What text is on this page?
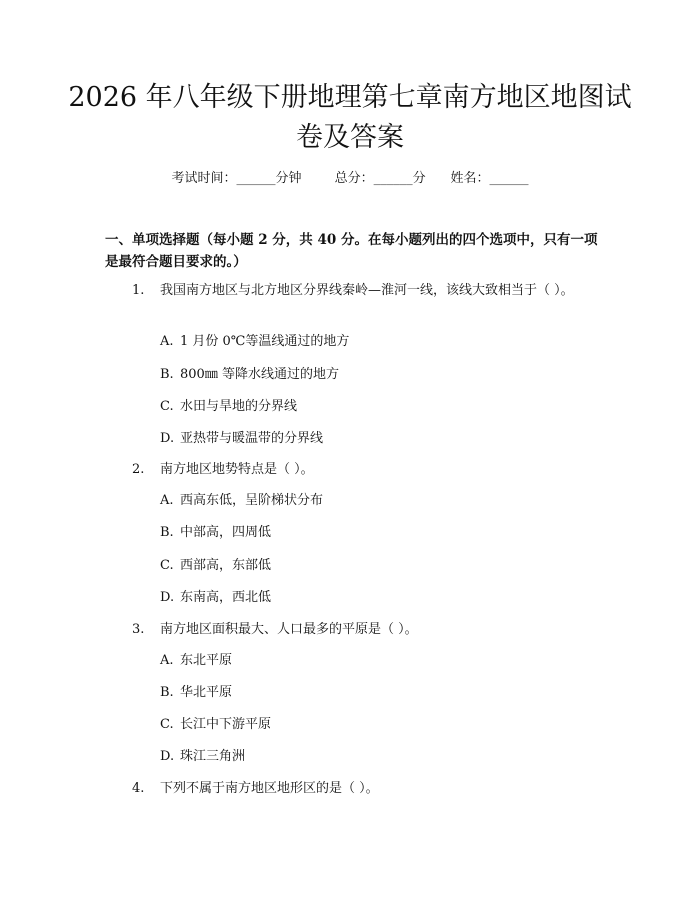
2026 年八年级下册地理第七章南方地区地图试卷及答案
考试时间：______分钟	总分：______分 姓名：______

一、单项选择题（每小题 2 分，共 40 分。在每小题列出的四个选项中，只有一项是最符合题目要求的。）

1. 我国南方地区与北方地区分界线秦岭—淮河一线，该线大致相当于（ ）。

A. 1 月份 0℃等温线通过的地方

B. 800㎜ 等降水线通过的地方

C. 水田与旱地的分界线

D. 亚热带与暖温带的分界线

2. 南方地区地势特点是（ ）。

A. 西高东低，呈阶梯状分布

B. 中部高，四周低

C. 西部高，东部低

D. 东南高，西北低

3. 南方地区面积最大、人口最多的平原是（ ）。

A. 东北平原

B. 华北平原

C. 长江中下游平原

D. 珠江三角洲

4. 下列不属于南方地区地形区的是（ ）。
